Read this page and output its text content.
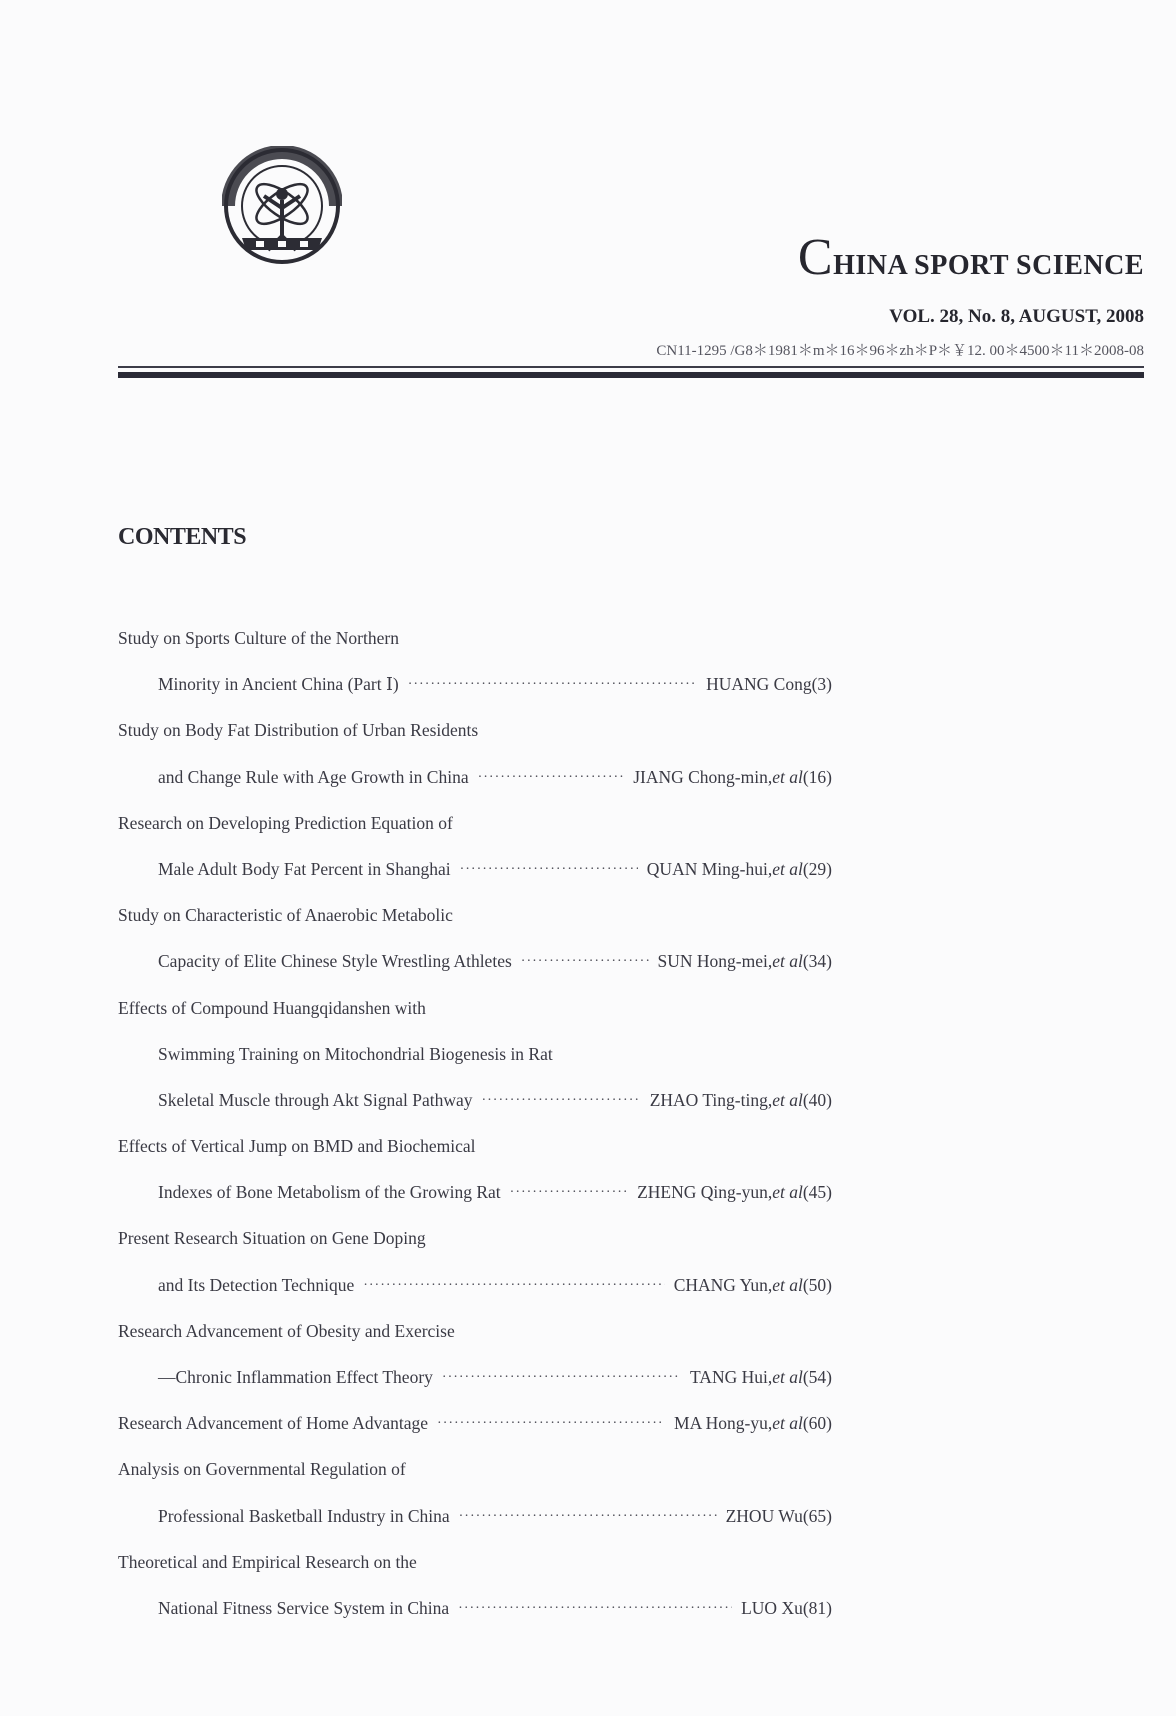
CHINA SPORT SCIENCE
VOL. 28, No. 8, AUGUST, 2008
CN11-1295 /G8＊1981＊m＊16＊96＊zh＊P＊￥12. 00＊4500＊11＊2008-08
CONTENTS
Study on Sports Culture of the Northern
Minority in Ancient China (Part Ⅰ) ·····	HUANG Cong(3)
Study on Body Fat Distribution of Urban Residents
and Change Rule with Age Growth in China ·····	JIANG Chong-min,et al(16)
Research on Developing Prediction Equation of
Male Adult Body Fat Percent in Shanghai ·····	QUAN Ming-hui,et al(29)
Study on Characteristic of Anaerobic Metabolic
Capacity of Elite Chinese Style Wrestling Athletes ·····	SUN Hong-mei,et al(34)
Effects of Compound Huangqidanshen with
Swimming Training on Mitochondrial Biogenesis in Rat
Skeletal Muscle through Akt Signal Pathway ·····	ZHAO Ting-ting,et al(40)
Effects of Vertical Jump on BMD and Biochemical
Indexes of Bone Metabolism of the Growing Rat ·····	ZHENG Qing-yun,et al(45)
Present Research Situation on Gene Doping
and Its Detection Technique ·····	CHANG Yun,et al(50)
Research Advancement of Obesity and Exercise
—Chronic Inflammation Effect Theory ·····	TANG Hui,et al(54)
Research Advancement of Home Advantage ·····	MA Hong-yu,et al(60)
Analysis on Governmental Regulation of
Professional Basketball Industry in China ·····	ZHOU Wu(65)
Theoretical and Empirical Research on the
National Fitness Service System in China ·····	LUO Xu(81)
